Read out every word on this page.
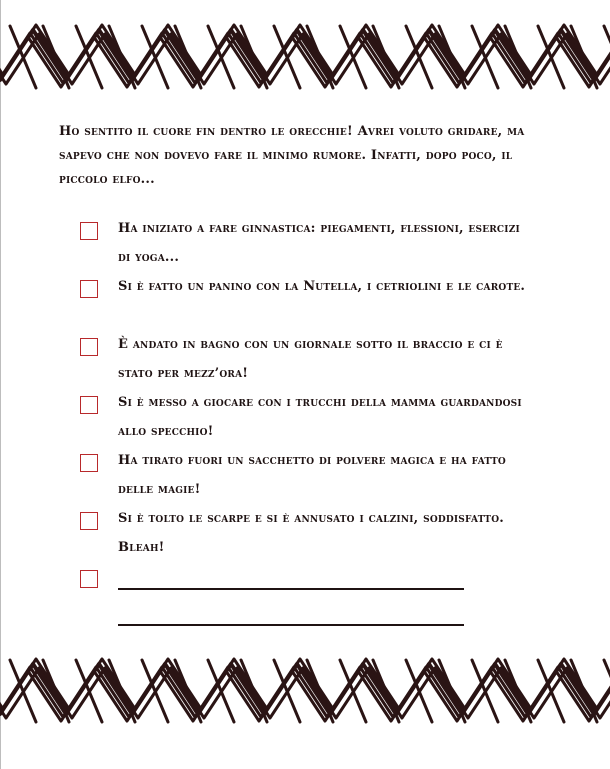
Ho sentito il cuore fin dentro le orecchie! Avrei voluto gridare, ma sapevo che non dovevo fare il minimo rumore. Infatti, dopo poco, il piccolo elfo...

Ha iniziato a fare ginnastica: piegamenti, flessioni, esercizi di yoga...
Si è fatto un panino con la Nutella, i cetriolini e le carote.
È andato in bagno con un giornale sotto il braccio e ci è stato per mezz’ora!
Si è messo a giocare con i trucchi della mamma guardandosi allo specchio!
Ha tirato fuori un sacchetto di polvere magica e ha fatto delle magie!
Si è tolto le scarpe e si è annusato i calzini, soddisfatto. Bleah!
